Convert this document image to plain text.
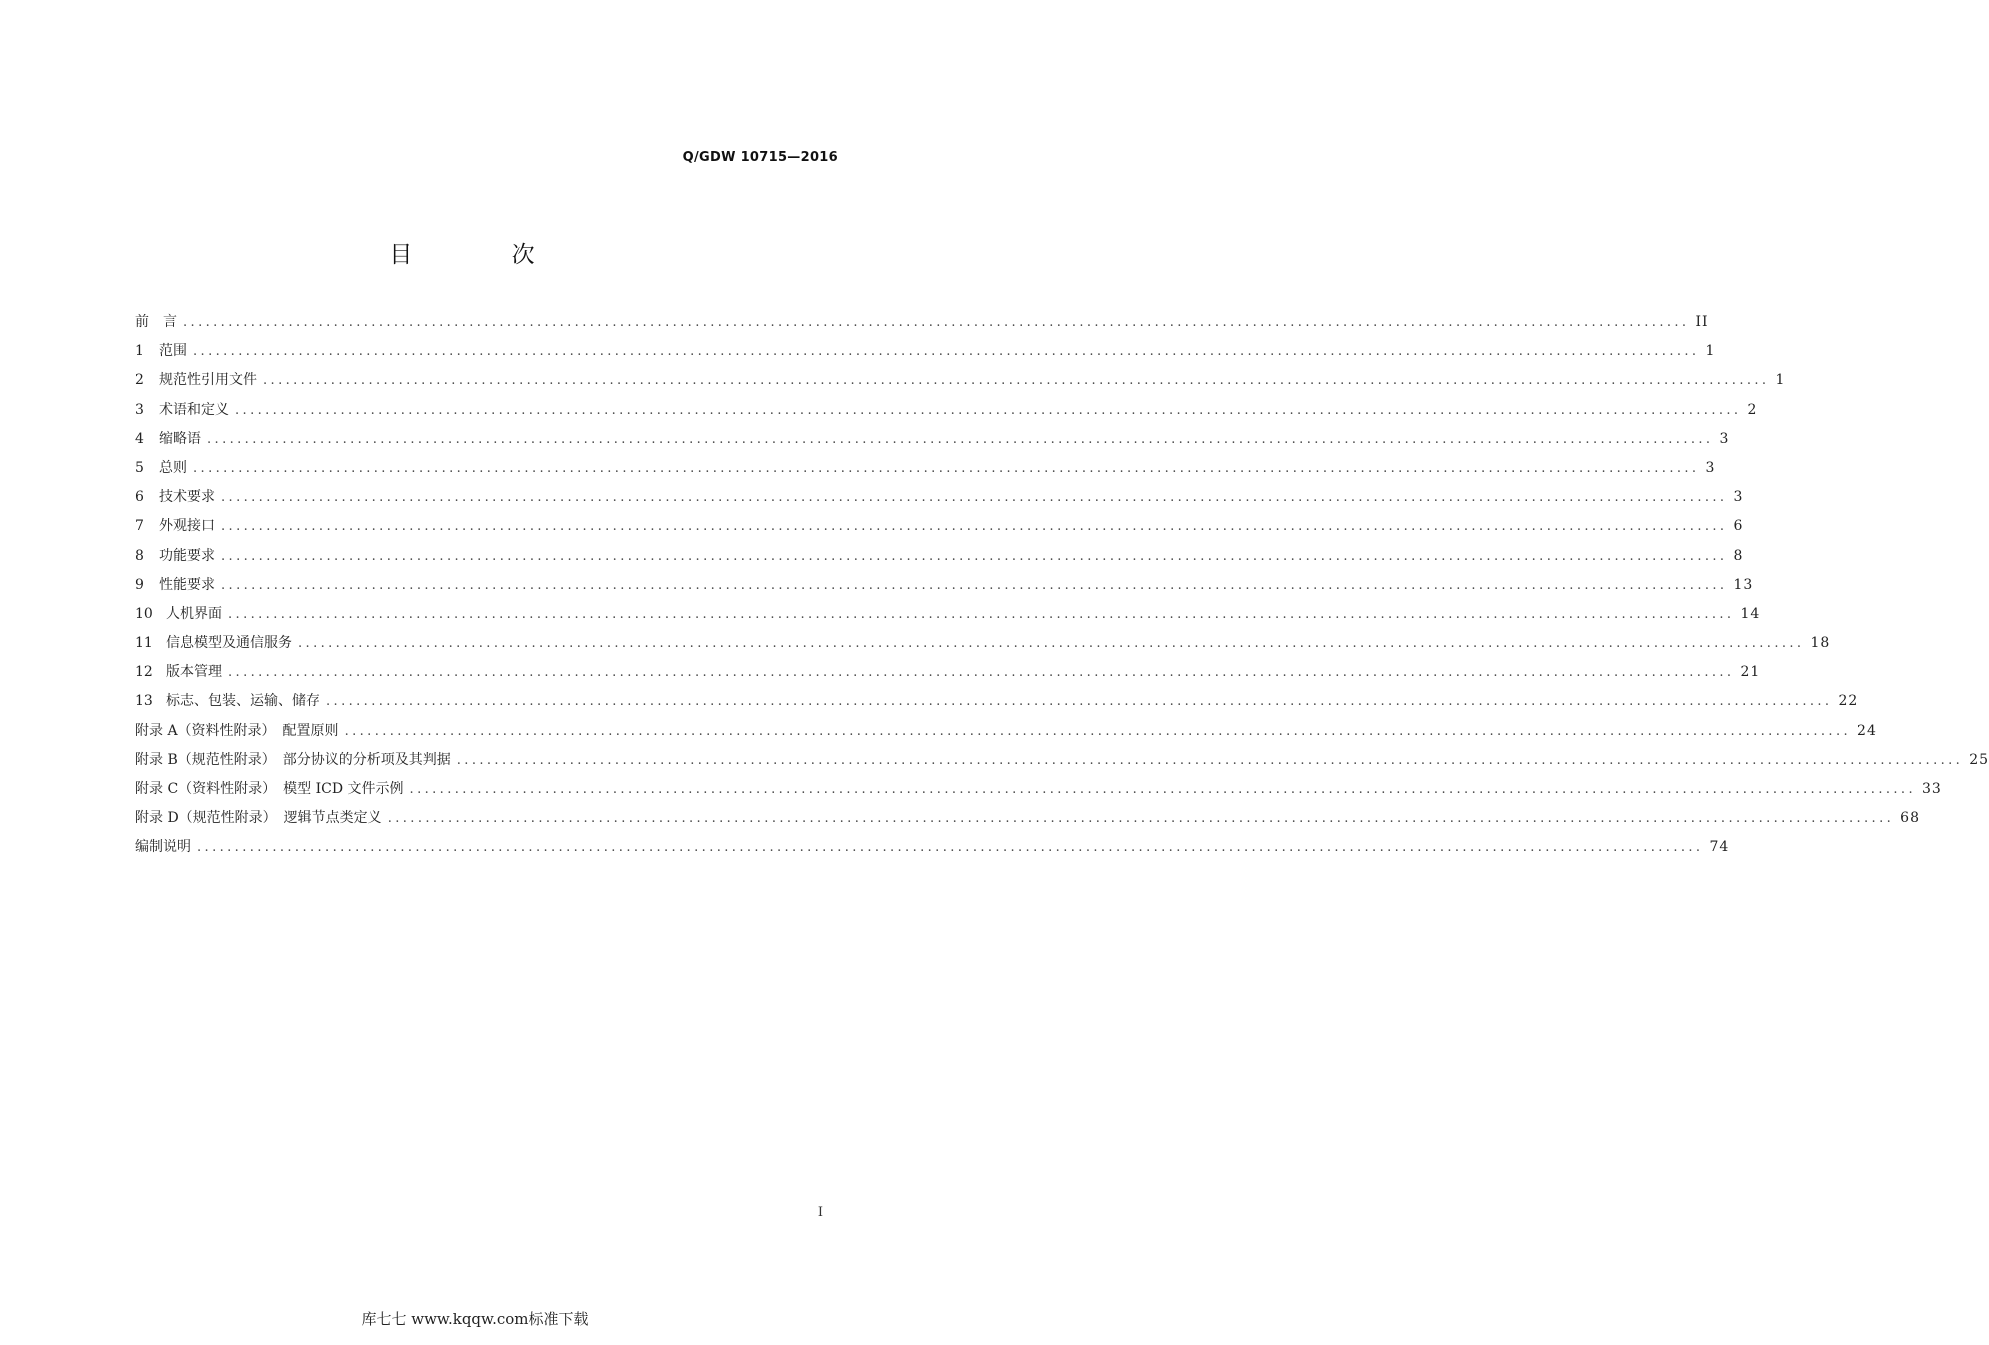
Q/GDW 10715—2016
目 次
前　言 ........................................................................................................................................................................................................ II
1	范围 ........................................................................................................................................................................................................ 1
2	规范性引用文件 ........................................................................................................................................................................................................ 1
3	术语和定义 ........................................................................................................................................................................................................ 2
4	缩略语 ........................................................................................................................................................................................................ 3
5	总则 ........................................................................................................................................................................................................ 3
6	技术要求 ........................................................................................................................................................................................................ 3
7	外观接口 ........................................................................................................................................................................................................ 6
8	功能要求 ........................................................................................................................................................................................................ 8
9	性能要求 ........................................................................................................................................................................................................ 13
10 人机界面 ........................................................................................................................................................................................................ 14
11 信息模型及通信服务 ........................................................................................................................................................................................................ 18
12 版本管理 ........................................................................................................................................................................................................ 21
13 标志、包装、运输、储存 ........................................................................................................................................................................................................ 22
附录 A（资料性附录）　配置原则 ........................................................................................................................................................................................................ 24
附录 B（规范性附录）　部分协议的分析项及其判据 ........................................................................................................................................................................................................ 25
附录 C（资料性附录）　模型 ICD 文件示例 ........................................................................................................................................................................................................ 33
附录 D（规范性附录）　逻辑节点类定义 ........................................................................................................................................................................................................ 68
编制说明 ........................................................................................................................................................................................................ 74
I
库七七 www.kqqw.com标准下载
